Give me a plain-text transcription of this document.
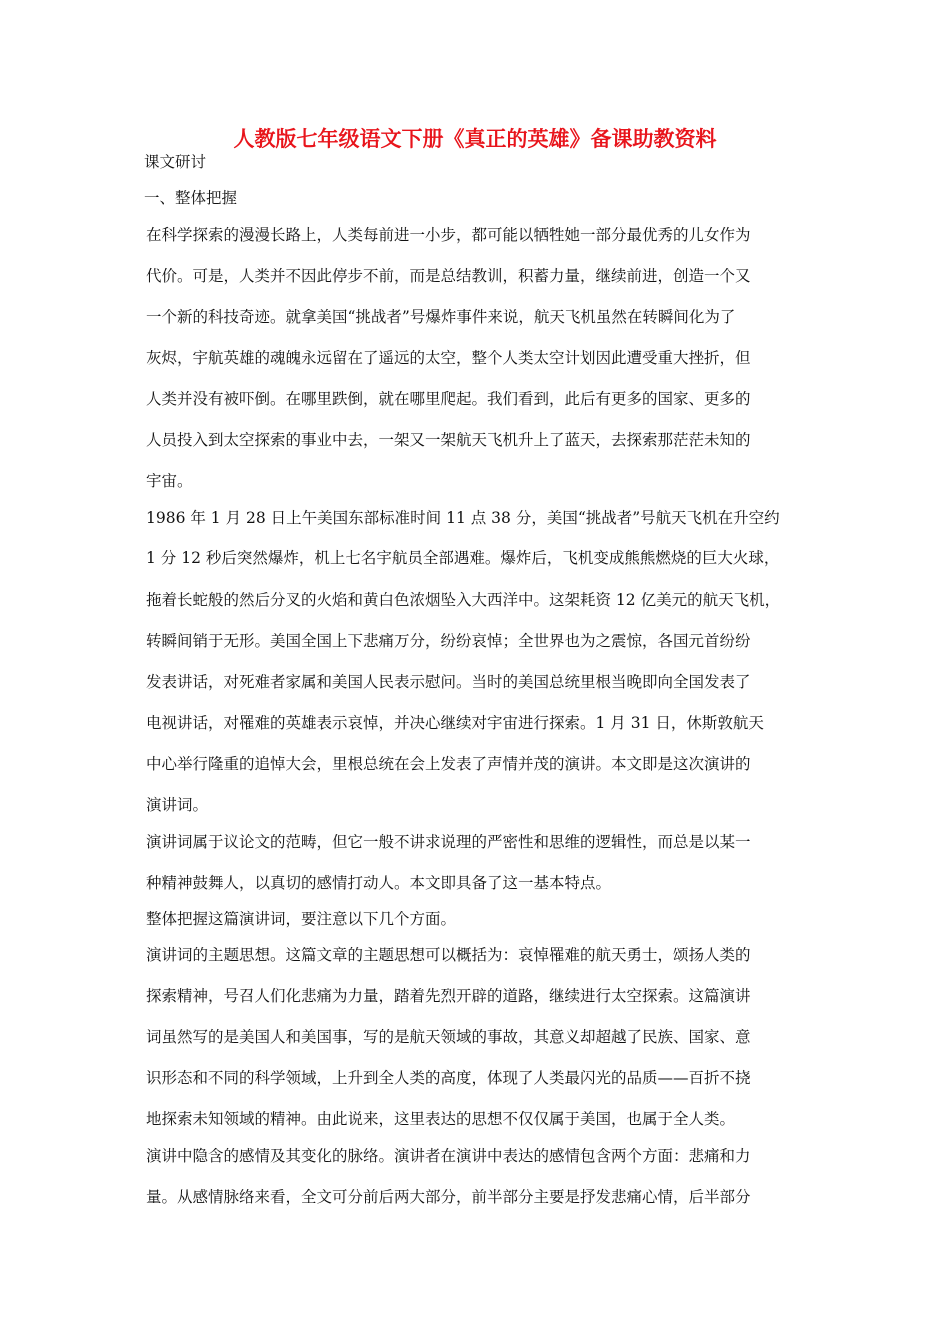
人教版七年级语文下册《真正的英雄》备课助教资料
课文研讨
一、整体把握
在科学探索的漫漫长路上，人类每前进一小步，都可能以牺牲她一部分最优秀的儿女作为
代价。可是，人类并不因此停步不前，而是总结教训，积蓄力量，继续前进，创造一个又
一个新的科技奇迹。就拿美国“挑战者”号爆炸事件来说，航天飞机虽然在转瞬间化为了
灰烬，宇航英雄的魂魄永远留在了遥远的太空，整个人类太空计划因此遭受重大挫折，但
人类并没有被吓倒。在哪里跌倒，就在哪里爬起。我们看到，此后有更多的国家、更多的
人员投入到太空探索的事业中去，一架又一架航天飞机升上了蓝天，去探索那茫茫未知的
宇宙。
1986 年 1 月 28 日上午美国东部标准时间 11 点 38 分，美国“挑战者”号航天飞机在升空约
1 分 12 秒后突然爆炸，机上七名宇航员全部遇难。爆炸后，飞机变成熊熊燃烧的巨大火球，
拖着长蛇般的然后分叉的火焰和黄白色浓烟坠入大西洋中。这架耗资 12 亿美元的航天飞机，
转瞬间销于无形。美国全国上下悲痛万分，纷纷哀悼；全世界也为之震惊，各国元首纷纷
发表讲话，对死难者家属和美国人民表示慰问。当时的美国总统里根当晚即向全国发表了
电视讲话，对罹难的英雄表示哀悼，并决心继续对宇宙进行探索。1 月 31 日，休斯敦航天
中心举行隆重的追悼大会，里根总统在会上发表了声情并茂的演讲。本文即是这次演讲的
演讲词。
演讲词属于议论文的范畴，但它一般不讲求说理的严密性和思维的逻辑性，而总是以某一
种精神鼓舞人，以真切的感情打动人。本文即具备了这一基本特点。
整体把握这篇演讲词，要注意以下几个方面。
演讲词的主题思想。这篇文章的主题思想可以概括为：哀悼罹难的航天勇士，颂扬人类的
探索精神，号召人们化悲痛为力量，踏着先烈开辟的道路，继续进行太空探索。这篇演讲
词虽然写的是美国人和美国事，写的是航天领域的事故，其意义却超越了民族、国家、意
识形态和不同的科学领域，上升到全人类的高度，体现了人类最闪光的品质——百折不挠
地探索未知领域的精神。由此说来，这里表达的思想不仅仅属于美国，也属于全人类。
演讲中隐含的感情及其变化的脉络。演讲者在演讲中表达的感情包含两个方面：悲痛和力
量。从感情脉络来看，全文可分前后两大部分，前半部分主要是抒发悲痛心情，后半部分
